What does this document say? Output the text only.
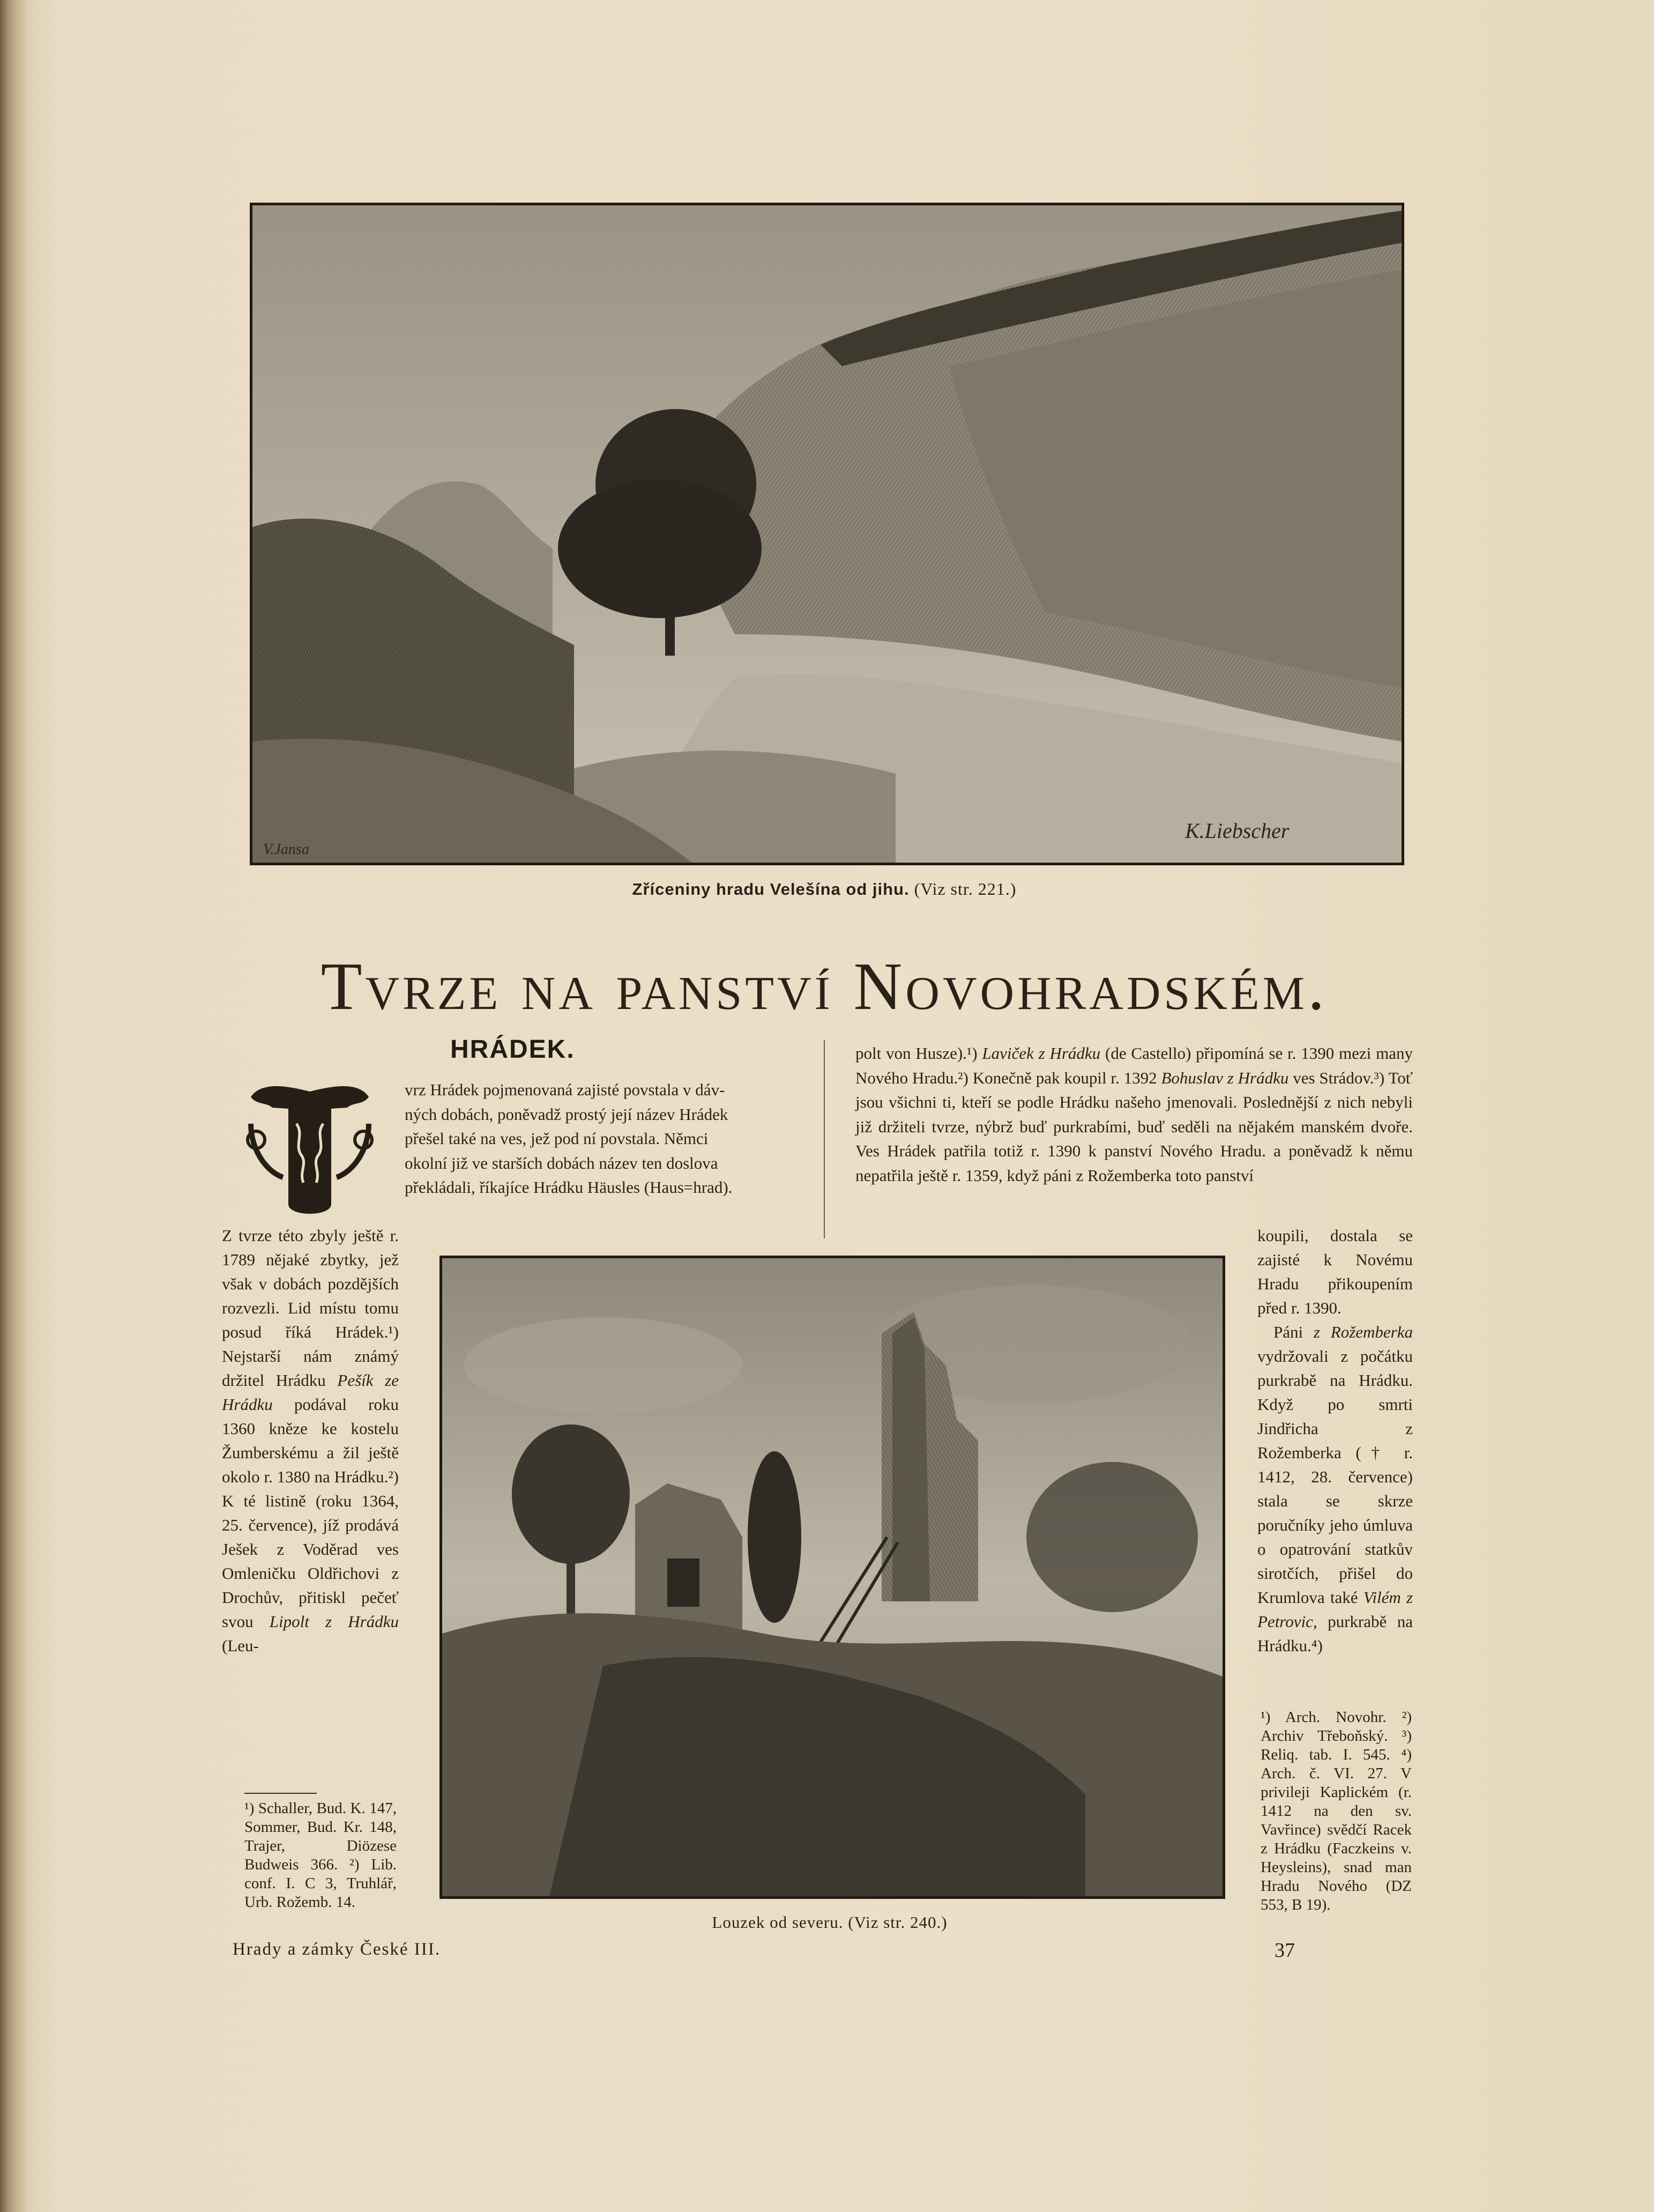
V.Jansa
K.Liebscher
Zříceniny hradu Velešína od jihu. (Viz str. 221.)
Tvrze na panství Novohradském.
HRÁDEK.
T
vrz Hrádek pojmenovaná zajisté povstala v dáv-
ných dobách, poněvadž prostý její název Hrádek
přešel také na ves, jež pod ní povstala. Němci
okolní již ve starších dobách název ten doslova
překládali, říkajíce Hrádku Häusles (Haus=hrad).
Z tvrze této zbyly ještě r. 1789 nějaké zbytky, jež však v dobách pozdějších rozvezli. Lid místu tomu posud říká Hrádek.¹) Nejstarší nám známý držitel Hrádku Pešík ze Hrádku podával roku 1360 kněze ke kostelu Žumberskému a žil ještě okolo r. 1380 na Hrádku.²) K té listině (roku 1364, 25. července), jíž prodává Ješek z Voděrad ves Omleničku Oldřichovi z Drochův, přitiskl pečeť svou Lipolt z Hrádku (Leu-
¹) Schaller, Bud. K. 147, Sommer, Bud. Kr. 148, Trajer, Diözese Budweis 366. ²) Lib. conf. I. C 3, Truhlář, Urb. Rožemb. 14.
polt von Husze).¹) Laviček z Hrádku (de Castello) připomíná se r. 1390 mezi many Nového Hradu.²) Konečně pak koupil r. 1392 Bohuslav z Hrádku ves Strádov.³) Toť jsou všichni ti, kteří se podle Hrádku našeho jmenovali. Poslednější z nich nebyli již držiteli tvrze, nýbrž buď purkrabími, buď seděli na nějakém manském dvoře. Ves Hrádek patřila totiž r. 1390 k panství Nového Hradu. a poněvadž k němu nepatřila ještě r. 1359, když páni z Rožemberka toto panství
Louzek od severu. (Viz str. 240.)
koupili, dostala se zajisté k Novému Hradu přikoupením před r. 1390.
Páni z Rožemberka vydržovali z počátku purkrabě na Hrádku. Když po smrti Jindřicha z Rožemberka († r. 1412, 28. července) stala se skrze poručníky jeho úmluva o opatrování statkův sirotčích, přišel do Krumlova také Vilém z Petrovic, purkrabě na Hrádku.⁴)
¹) Arch. Novohr. ²) Archiv Třeboňský. ³) Reliq. tab. I. 545. ⁴) Arch. č. VI. 27. V privileji Kaplickém (r. 1412 na den sv. Vavřince) svědčí Racek z Hrádku (Faczkeins v. Heysleins), snad man Hradu Nového (DZ 553, B 19).
Hrady a zámky České III.	37
